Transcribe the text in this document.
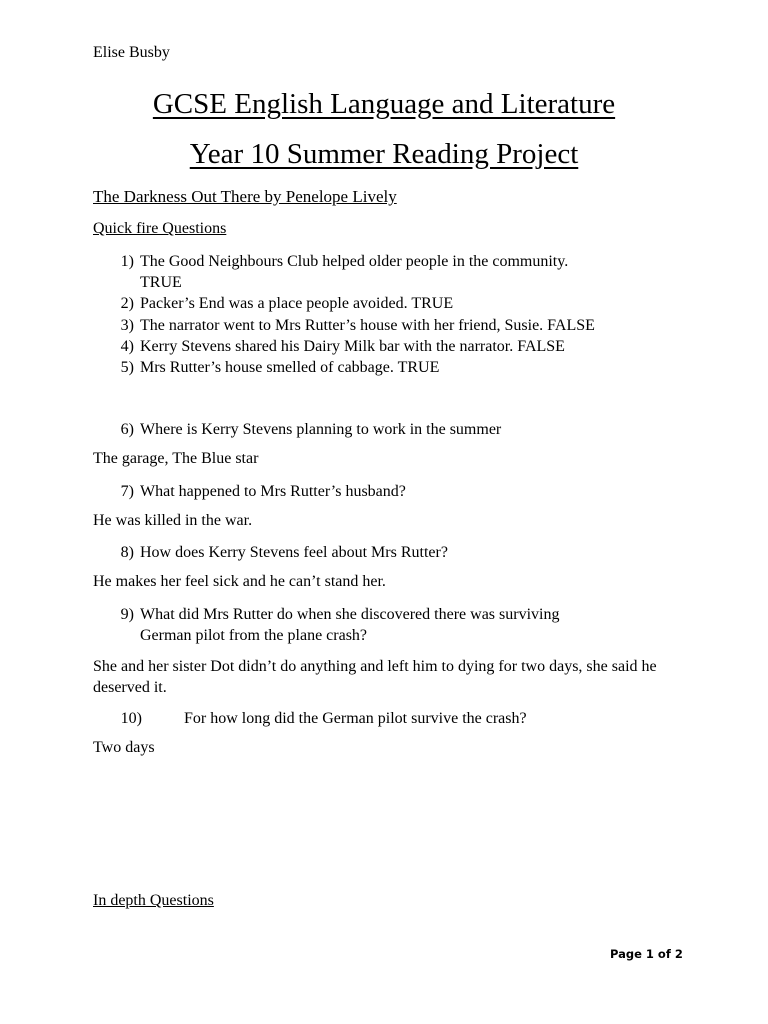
Elise Busby
GCSE English Language and Literature
Year 10 Summer Reading Project
The Darkness Out There by Penelope Lively
Quick fire Questions
1) The Good Neighbours Club helped older people in the community.
TRUE
2) Packer’s End was a place people avoided. TRUE
3) The narrator went to Mrs Rutter’s house with her friend, Susie. FALSE
4) Kerry Stevens shared his Dairy Milk bar with the narrator. FALSE
5) Mrs Rutter’s house smelled of cabbage. TRUE
6) Where is Kerry Stevens planning to work in the summer
The garage, The Blue star
7) What happened to Mrs Rutter’s husband?
He was killed in the war.
8) How does Kerry Stevens feel about Mrs Rutter?
He makes her feel sick and he can’t stand her.
9) What did Mrs Rutter do when she discovered there was surviving
German pilot from the plane crash?
She and her sister Dot didn’t do anything and left him to dying for two days, she said he deserved it.
10)	For how long did the German pilot survive the crash?
Two days
In depth Questions
Page 1 of 2
